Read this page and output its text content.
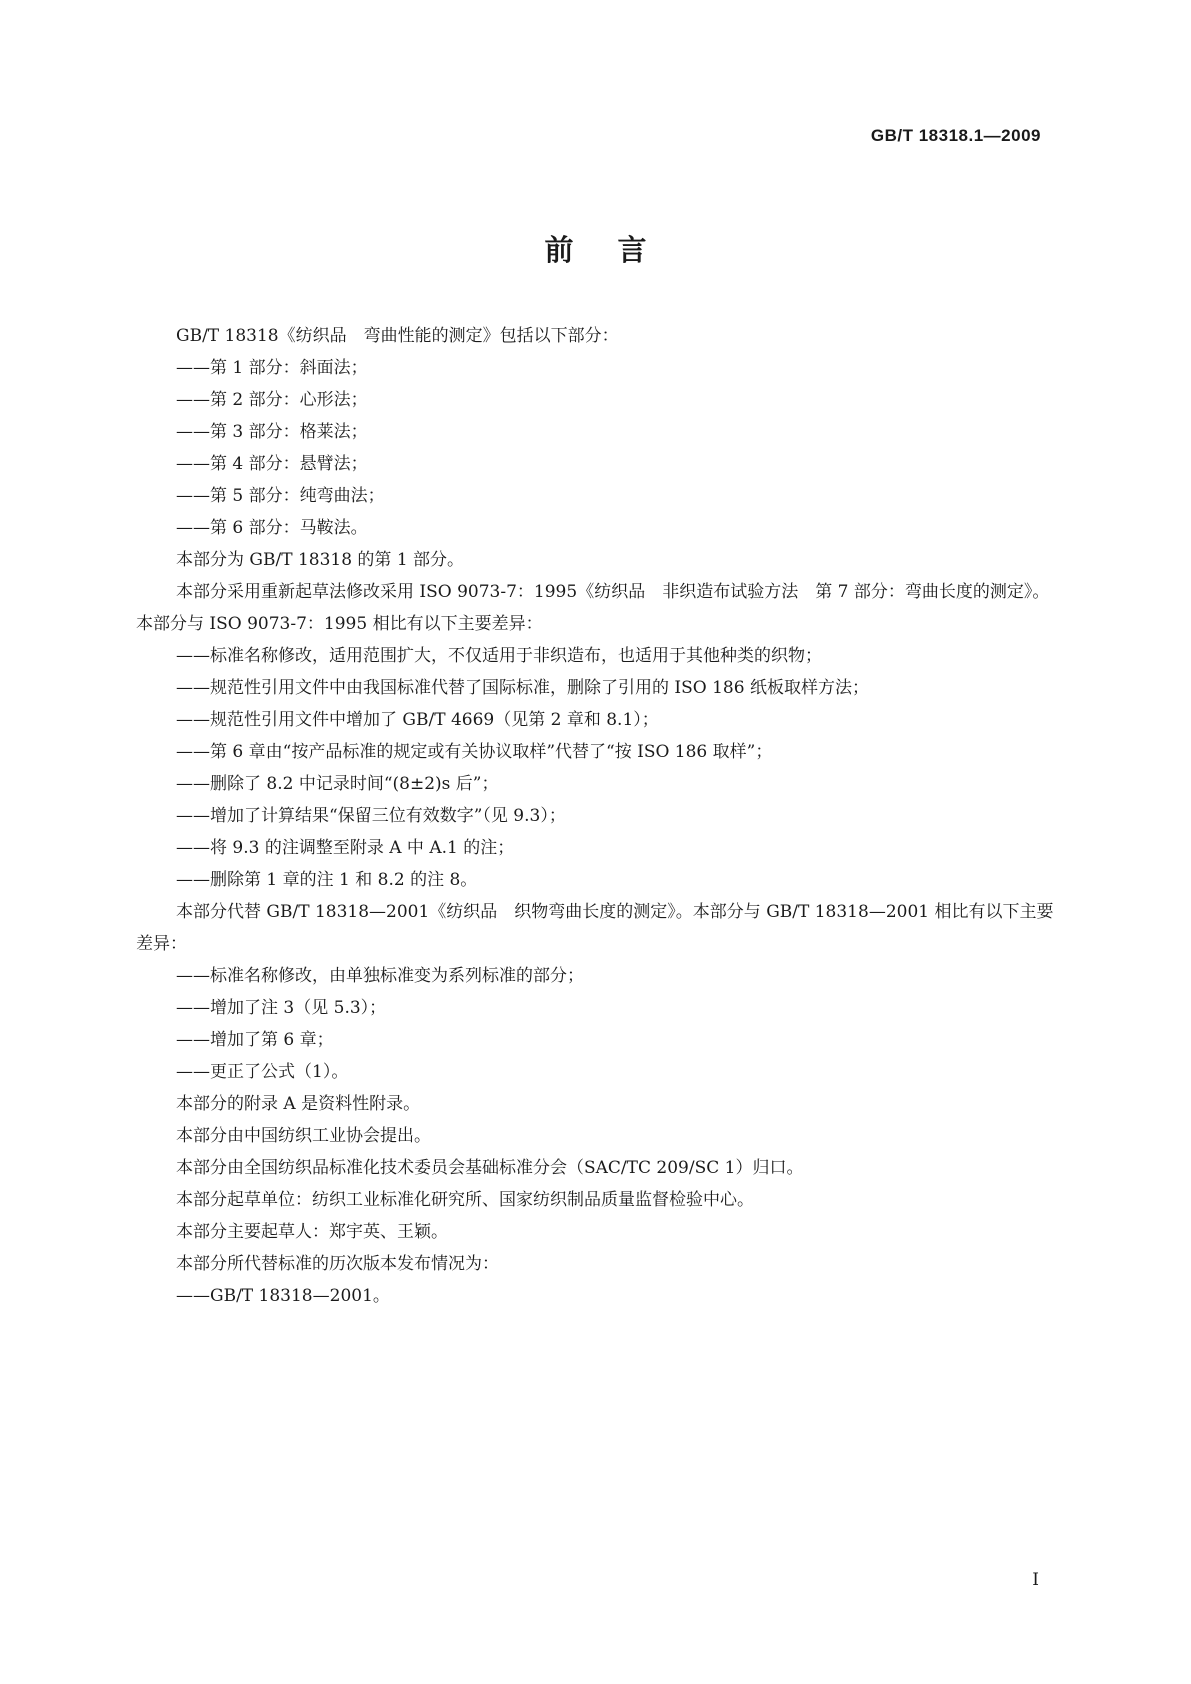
GB/T 18318.1—2009
前言

GB/T 18318《纺织品　弯曲性能的测定》包括以下部分：

——第 1 部分：斜面法；

——第 2 部分：心形法；

——第 3 部分：格莱法；

——第 4 部分：悬臂法；

——第 5 部分：纯弯曲法；

——第 6 部分：马鞍法。

本部分为 GB/T 18318 的第 1 部分。

本部分采用重新起草法修改采用 ISO 9073-7：1995《纺织品　非织造布试验方法　第 7 部分：弯曲长度的测定》。本部分与 ISO 9073-7：1995 相比有以下主要差异：

——标准名称修改，适用范围扩大，不仅适用于非织造布，也适用于其他种类的织物；

——规范性引用文件中由我国标准代替了国际标准，删除了引用的 ISO 186 纸板取样方法；

——规范性引用文件中增加了 GB/T 4669（见第 2 章和 8.1）；

——第 6 章由“按产品标准的规定或有关协议取样”代替了“按 ISO 186 取样”；

——删除了 8.2 中记录时间“(8±2)s 后”；

——增加了计算结果“保留三位有效数字”（见 9.3）；

——将 9.3 的注调整至附录 A 中 A.1 的注；

——删除第 1 章的注 1 和 8.2 的注 8。

本部分代替 GB/T 18318—2001《纺织品　织物弯曲长度的测定》。本部分与 GB/T 18318—2001 相比有以下主要差异：

——标准名称修改，由单独标准变为系列标准的部分；

——增加了注 3（见 5.3）；

——增加了第 6 章；

——更正了公式（1）。

本部分的附录 A 是资料性附录。

本部分由中国纺织工业协会提出。

本部分由全国纺织品标准化技术委员会基础标准分会（SAC/TC 209/SC 1）归口。

本部分起草单位：纺织工业标准化研究所、国家纺织制品质量监督检验中心。

本部分主要起草人：郑宇英、王颖。

本部分所代替标准的历次版本发布情况为：

——GB/T 18318—2001。

I
